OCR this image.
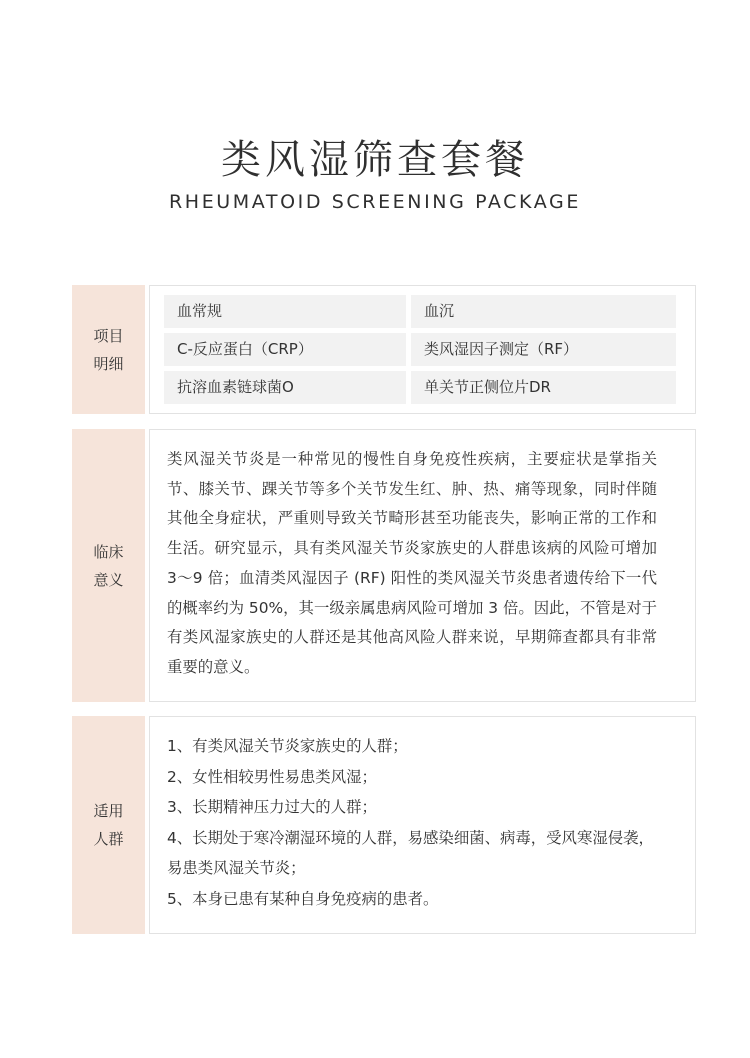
类风湿筛查套餐
RHEUMATOID SCREENING PACKAGE
项目明细
血常规	血沉
C-反应蛋白（CRP）	类风湿因子测定（RF）
抗溶血素链球菌O	单关节正侧位片DR
临床意义
类风湿关节炎是一种常见的慢性自身免疫性疾病，主要症状是掌指关节、膝关节、踝关节等多个关节发生红、肿、热、痛等现象，同时伴随其他全身症状，严重则导致关节畸形甚至功能丧失，影响正常的工作和生活。研究显示，具有类风湿关节炎家族史的人群患该病的风险可增加 3～9 倍；血清类风湿因子 (RF) 阳性的类风湿关节炎患者遗传给下一代的概率约为 50%，其一级亲属患病风险可增加 3 倍。因此，不管是对于有类风湿家族史的人群还是其他高风险人群来说，早期筛查都具有非常重要的意义。
适用人群
1、有类风湿关节炎家族史的人群；
2、女性相较男性易患类风湿；
3、长期精神压力过大的人群；
4、长期处于寒冷潮湿环境的人群，易感染细菌、病毒，受风寒湿侵袭，易患类风湿关节炎；
5、本身已患有某种自身免疫病的患者。
